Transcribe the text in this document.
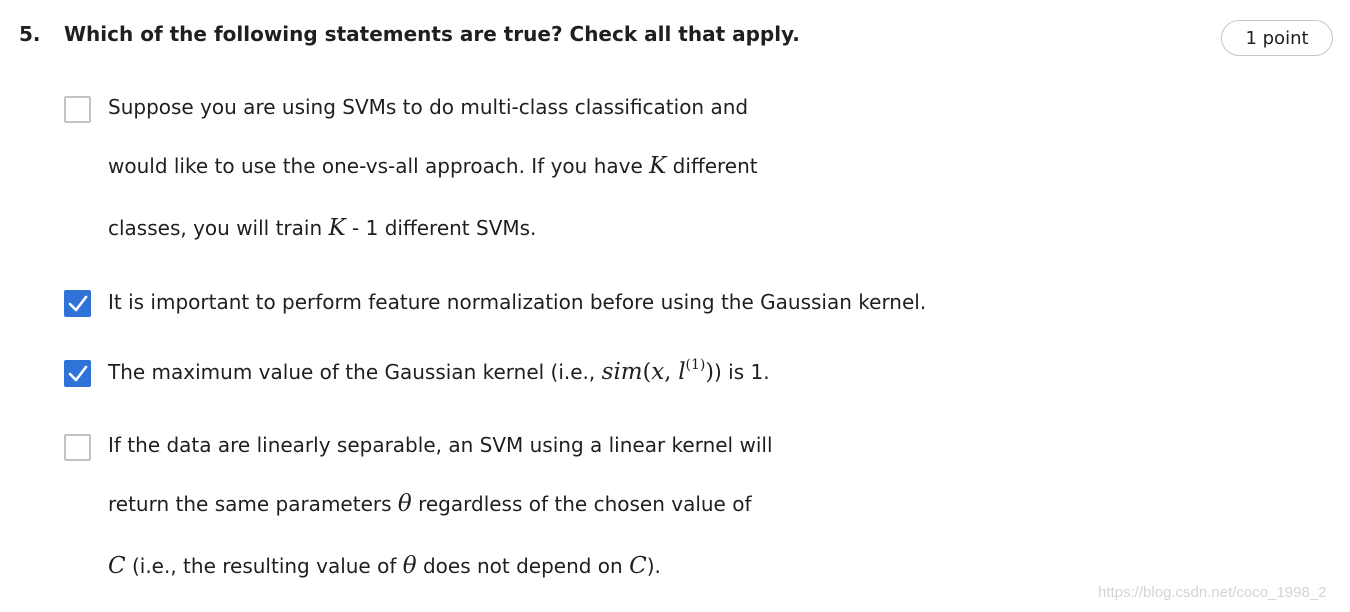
5. Which of the following statements are true? Check all that apply.	1 point
Suppose you are using SVMs to do multi-class classification and
would like to use the one-vs-all approach. If you have K different
classes, you will train K - 1 different SVMs.
It is important to perform feature normalization before using the Gaussian kernel.
The maximum value of the Gaussian kernel (i.e., sim(x, $l^{(1)}$)) is 1.
If the data are linearly separable, an SVM using a linear kernel will
return the same parameters θ regardless of the chosen value of
C (i.e., the resulting value of θ does not depend on C).
https://blog.csdn.net/coco_1998_2
